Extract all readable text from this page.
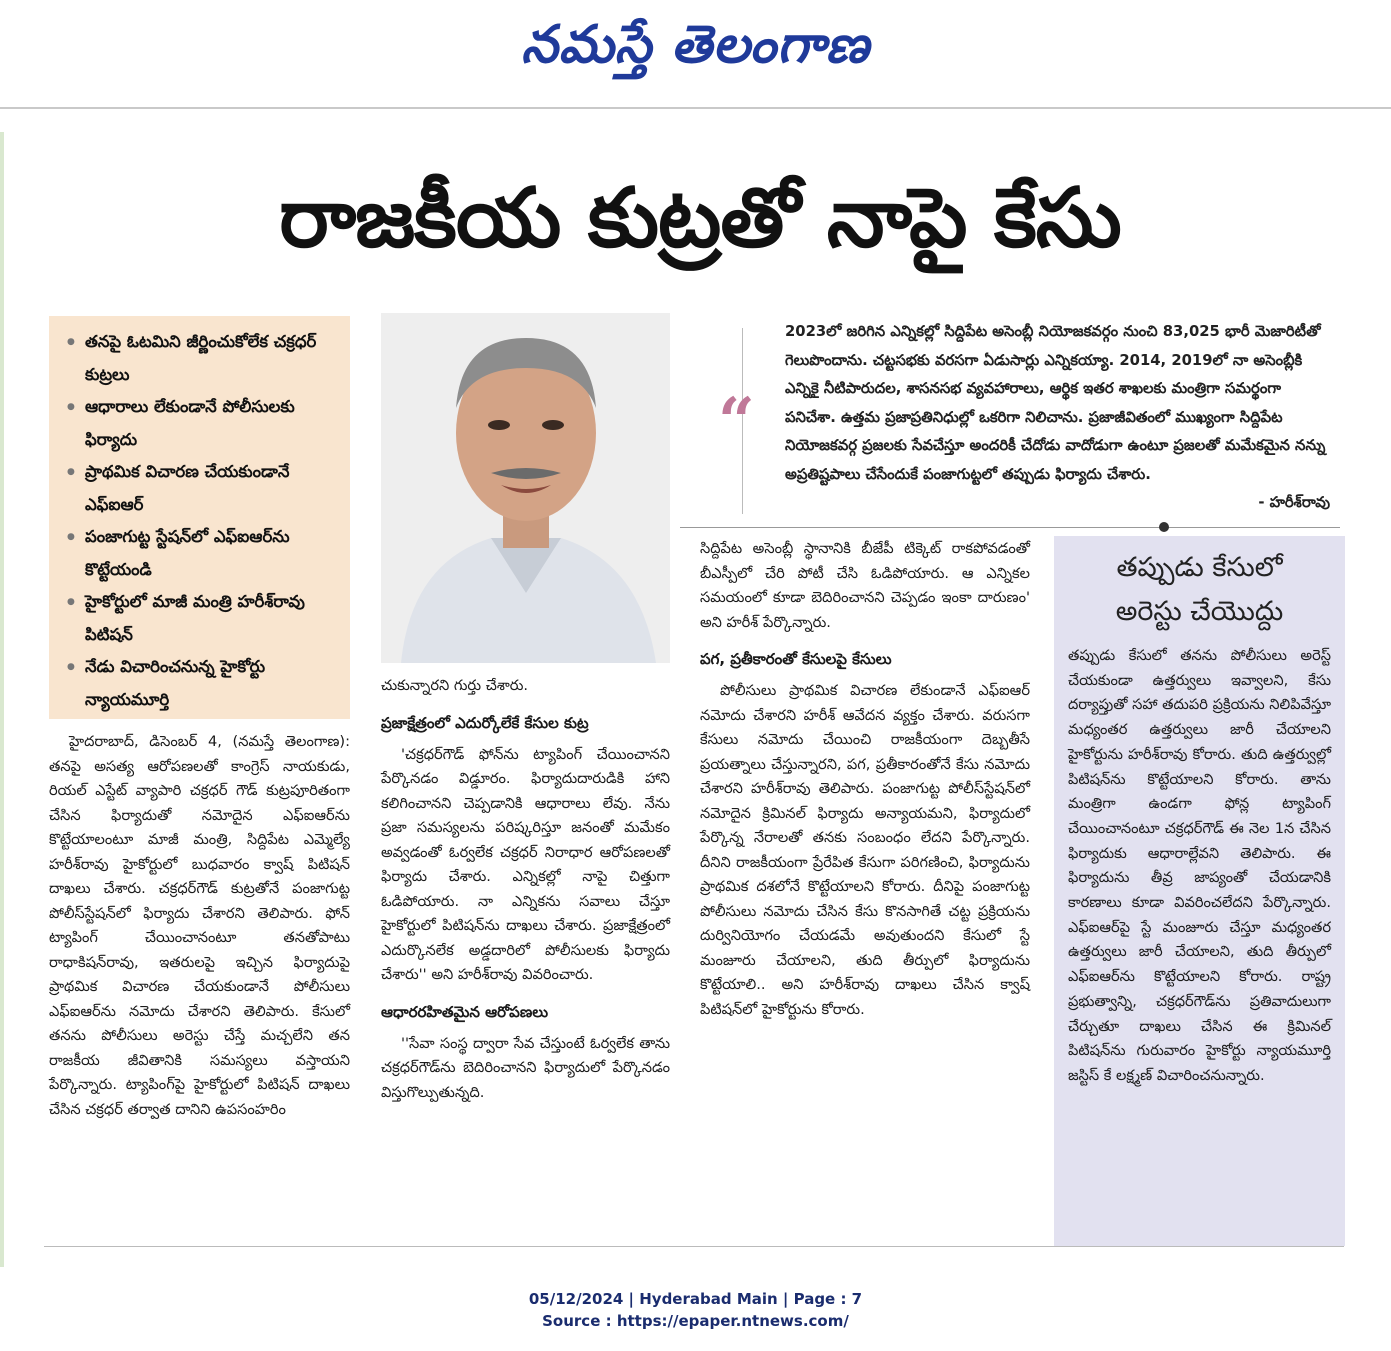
నమస్తే తెలంగాణ
రాజకీయ కుట్రతో నాపై కేసు
● తనపై ఓటమిని జీర్ణించుకోలేక చక్రధర్ కుట్రలు
● ఆధారాలు లేకుండానే పోలీసులకు ఫిర్యాదు
● ప్రాథమిక విచారణ చేయకుండానే ఎఫ్‌ఐఆర్
● పంజాగుట్ట స్టేషన్‌లో ఎఫ్‌ఐఆర్‌ను కొట్టేయండి
● హైకోర్టులో మాజీ మంత్రి హరీశ్‌రావు పిటిషన్
● నేడు విచారించనున్న హైకోర్టు న్యాయమూర్తి

హైదరాబాద్, డిసెంబర్ 4, (నమస్తే తెలంగాణ): తనపై అసత్య ఆరోపణలతో కాంగ్రెస్ నాయకుడు, రియల్ ఎస్టేట్ వ్యాపారి చక్రధర్ గౌడ్ కుట్రపూరితంగా చేసిన ఫిర్యాదుతో నమోదైన ఎఫ్‌ఐఆర్‌ను కొట్టేయాలంటూ మాజీ మంత్రి, సిద్దిపేట ఎమ్మెల్యే హరీశ్‌రావు హైకోర్టులో బుధవారం క్వాష్ పిటిషన్ దాఖలు చేశారు. చక్రధర్‌గౌడ్ కుట్రతోనే పంజాగుట్ట పోలీస్‌స్టేషన్‌లో ఫిర్యాదు చేశారని తెలిపారు. ఫోన్ ట్యాపింగ్ చేయించానంటూ తనతోపాటు రాధాకిషన్‌రావు, ఇతరులపై ఇచ్చిన ఫిర్యాదుపై ప్రాథమిక విచారణ చేయకుండానే పోలీసులు ఎఫ్‌ఐఆర్‌ను నమోదు చేశారని తెలిపారు. కేసులో తనను పోలీసులు అరెస్టు చేస్తే మచ్చలేని తన రాజకీయ జీవితానికి సమస్యలు వస్తాయని పేర్కొన్నారు. ట్యాపింగ్‌పై హైకోర్టులో పిటిషన్ దాఖలు చేసిన చక్రధర్ తర్వాత దానిని ఉపసంహరిం

చుకున్నారని గుర్తు చేశారు.

ప్రజాక్షేత్రంలో ఎదుర్కోలేకే కేసుల కుట్ర

'చక్రధర్‌గౌడ్ ఫోన్‌ను ట్యాపింగ్ చేయించానని పేర్కొనడం విడ్డూరం. ఫిర్యాదుదారుడికి హాని కలిగించానని చెప్పడానికి ఆధారాలు లేవు. నేను ప్రజా సమస్యలను పరిష్కరిస్తూ జనంతో మమేకం అవ్వడంతో ఓర్వలేక చక్రధర్ నిరాధార ఆరోపణలతో ఫిర్యాదు చేశారు. ఎన్నికల్లో నాపై చిత్తుగా ఓడిపోయారు. నా ఎన్నికను సవాలు చేస్తూ హైకోర్టులో పిటిషన్‌ను దాఖలు చేశారు. ప్రజాక్షేత్రంలో ఎదుర్కొనలేక అడ్డదారిలో పోలీసులకు ఫిర్యాదు చేశారు'' అని హరీశ్‌రావు వివరించారు.

ఆధారరహితమైన ఆరోపణలు

''సేవా సంస్థ ద్వారా సేవ చేస్తుంటే ఓర్వలేక తాను చక్రధర్‌గౌడ్‌ను బెదిరించానని ఫిర్యాదులో పేర్కొనడం విస్తుగొల్పుతున్నది.

“
2023లో జరిగిన ఎన్నికల్లో సిద్దిపేట అసెంబ్లీ నియోజకవర్గం నుంచి 83,025 భారీ మెజారిటీతో గెలుపొందాను. చట్టసభకు వరసగా ఏడుసార్లు ఎన్నికయ్యా. 2014, 2019లో నా అసెంబ్లీకి ఎన్నికై నీటిపారుదల, శాసనసభ వ్యవహారాలు, ఆర్థిక ఇతర శాఖలకు మంత్రిగా సమర్థంగా పనిచేశా. ఉత్తమ ప్రజాప్రతినిధుల్లో ఒకరిగా నిలిచాను. ప్రజాజీవితంలో ముఖ్యంగా సిద్దిపేట నియోజకవర్గ ప్రజలకు సేవచేస్తూ అందరికీ చేదోడు వాదోడుగా ఉంటూ ప్రజలతో మమేకమైన నన్ను అప్రతిష్టపాలు చేసేందుకే పంజాగుట్టలో తప్పుడు ఫిర్యాదు చేశారు.
- హరీశ్‌రావు

సిద్దిపేట అసెంబ్లీ స్థానానికి బీజేపీ టిక్కెట్ రాకపోవడంతో బీఎస్పీలో చేరి పోటీ చేసి ఓడిపోయారు. ఆ ఎన్నికల సమయంలో కూడా బెదిరించానని చెప్పడం ఇంకా దారుణం' అని హరీశ్ పేర్కొన్నారు.

పగ, ప్రతీకారంతో కేసులపై కేసులు

పోలీసులు ప్రాథమిక విచారణ లేకుండానే ఎఫ్‌ఐఆర్ నమోదు చేశారని హరీశ్ ఆవేదన వ్యక్తం చేశారు. వరుసగా కేసులు నమోదు చేయించి రాజకీయంగా దెబ్బతీసే ప్రయత్నాలు చేస్తున్నారని, పగ, ప్రతీకారంతోనే కేసు నమోదు చేశారని హరీశ్‌రావు తెలిపారు. పంజాగుట్ట పోలీస్‌స్టేషన్‌లో నమోదైన క్రిమినల్ ఫిర్యాదు అన్యాయమని, ఫిర్యాదులో పేర్కొన్న నేరాలతో తనకు సంబంధం లేదని పేర్కొన్నారు. దీనిని రాజకీయంగా ప్రేరేపిత కేసుగా పరిగణించి, ఫిర్యాదును ప్రాథమిక దశలోనే కొట్టేయాలని కోరారు. దీనిపై పంజాగుట్ట పోలీసులు నమోదు చేసిన కేసు కొనసాగితే చట్ట ప్రక్రియను దుర్వినియోగం చేయడమే అవుతుందని కేసులో స్టే మంజూరు చేయాలని, తుది తీర్పులో ఫిర్యాదును కొట్టేయాలి.. అని హరీశ్‌రావు దాఖలు చేసిన క్వాష్ పిటిషన్‌లో హైకోర్టును కోరారు.

తప్పుడు కేసులో
అరెస్టు చేయొద్దు
తప్పుడు కేసులో తనను పోలీసులు అరెస్ట్ చేయకుండా ఉత్తర్వులు ఇవ్వాలని, కేసు దర్యాప్తుతో సహా తదుపరి ప్రక్రియను నిలిపివేస్తూ మధ్యంతర ఉత్తర్వులు జారీ చేయాలని హైకోర్టును హరీశ్‌రావు కోరారు. తుది ఉత్తర్వుల్లో పిటిషన్‌ను కొట్టేయాలని కోరారు. తాను మంత్రిగా ఉండగా ఫోన్ల ట్యాపింగ్ చేయించానంటూ చక్రధర్‌గౌడ్ ఈ నెల 1న చేసిన ఫిర్యాదుకు ఆధారాల్లేవని తెలిపారు. ఈ ఫిర్యాదును తీవ్ర జాప్యంతో చేయడానికి కారణాలు కూడా వివరించలేదని పేర్కొన్నారు. ఎఫ్‌ఐఆర్‌పై స్టే మంజూరు చేస్తూ మధ్యంతర ఉత్తర్వులు జారీ చేయాలని, తుది తీర్పులో ఎఫ్‌ఐఆర్‌ను కొట్టేయాలని కోరారు. రాష్ట్ర ప్రభుత్వాన్ని, చక్రధర్‌గౌడ్‌ను ప్రతివాదులుగా చేర్చుతూ దాఖలు చేసిన ఈ క్రిమినల్ పిటిషన్‌ను గురువారం హైకోర్టు న్యాయమూర్తి జస్టిస్ కే లక్ష్మణ్ విచారించనున్నారు.
05/12/2024 | Hyderabad Main | Page : 7
Source : https://epaper.ntnews.com/
